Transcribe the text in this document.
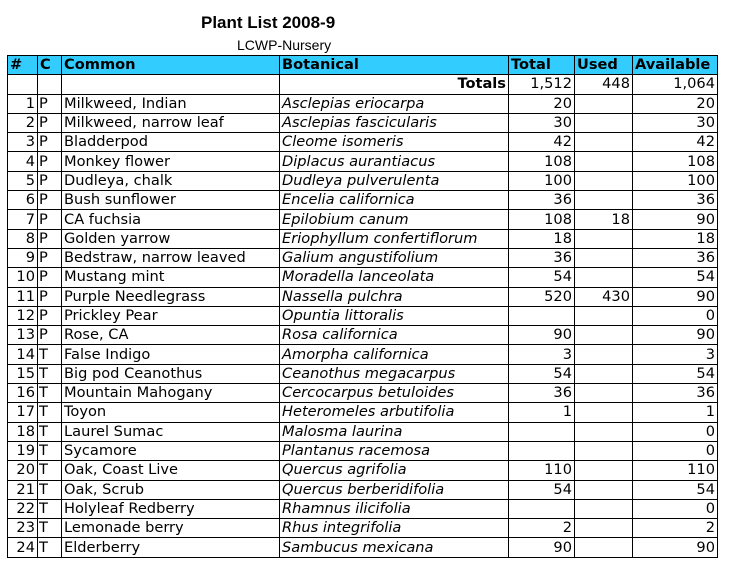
Plant List 2008-9
LCWP-Nursery
#	C	Common	Botanical	Total	Used	Available
			Totals	1,512	448	1,064
1	P	Milkweed, Indian	Asclepias eriocarpa	20		20
2	P	Milkweed, narrow leaf	Asclepias fascicularis	30		30
3	P	Bladderpod	Cleome isomeris	42		42
4	P	Monkey flower	Diplacus aurantiacus	108		108
5	P	Dudleya, chalk	Dudleya pulverulenta	100		100
6	P	Bush sunflower	Encelia californica	36		36
7	P	CA fuchsia	Epilobium canum	108	18	90
8	P	Golden yarrow	Eriophyllum confertiflorum	18		18
9	P	Bedstraw, narrow leaved	Galium angustifolium	36		36
10	P	Mustang mint	Moradella lanceolata	54		54
11	P	Purple Needlegrass	Nassella pulchra	520	430	90
12	P	Prickley Pear	Opuntia littoralis			0
13	P	Rose, CA	Rosa californica	90		90
14	T	False Indigo	Amorpha californica	3		3
15	T	Big pod Ceanothus	Ceanothus megacarpus	54		54
16	T	Mountain Mahogany	Cercocarpus betuloides	36		36
17	T	Toyon	Heteromeles arbutifolia	1		1
18	T	Laurel Sumac	Malosma laurina			0
19	T	Sycamore	Plantanus racemosa			0
20	T	Oak, Coast Live	Quercus agrifolia	110		110
21	T	Oak, Scrub	Quercus berberidifolia	54		54
22	T	Holyleaf Redberry	Rhamnus ilicifolia			0
23	T	Lemonade berry	Rhus integrifolia	2		2
24	T	Elderberry	Sambucus mexicana	90		90
